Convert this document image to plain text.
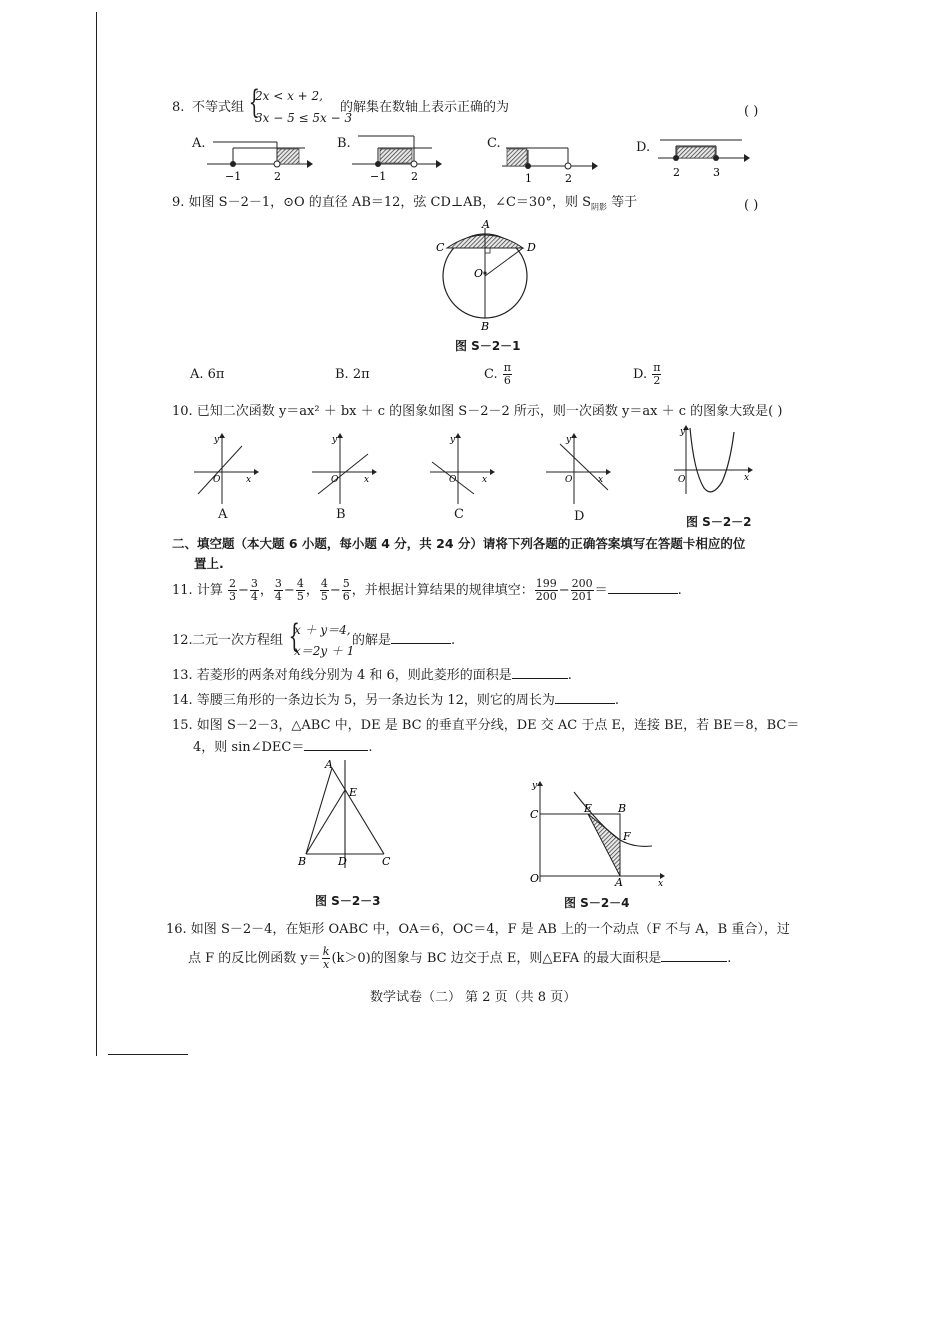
8. 不等式组 {
2x < x + 2,
3x − 5 ≤ 5x − 3
的解集在数轴上表示正确的为	( )
A.
−1	2
B.
−1 2
C.
1	2
D.
2	3
9. 如图 S－2－1，⊙O 的直径 AB＝12，弦 CD⊥AB，∠C＝30°，则 $S_{阴影}$ 等于	( )
A
C	D
O
B
图 S－2－1
A. 6π	B. 2π	C. $\frac{\pi}{6}$	D. $\frac{\pi}{2}$
10. 已知二次函数 y＝ax² ＋ bx ＋ c 的图象如图 S－2－2 所示，则一次函数 y＝ax ＋ c 的图象大致是( )
y
x
O
A
y
x
O
B
y
x
O
C
y
x
O
D
y
x
O
图 S－2－2
二、填空题（本大题 6 小题，每小题 4 分，共 24 分）请将下列各题的正确答案填写在答题卡相应的位
置上.
11. 计算 $\frac{2}{3} - \frac{3}{4}$ ， $\frac{3}{4} - \frac{4}{5}$ ， $\frac{4}{5} - \frac{5}{6}$ ，并根据计算结果的规律填空： $\frac{199}{200} - \frac{200}{201}$ ＝	.
12. 二元一次方程组 {
x ＋ y＝4,
x＝2y ＋ 1
的解是	.
13. 若菱形的两条对角线分别为 4 和 6，则此菱形的面积是	.
14. 等腰三角形的一条边长为 5，另一条边长为 12，则它的周长为	.
15. 如图 S－2－3，△ABC 中，DE 是 BC 的垂直平分线，DE 交 AC 于点 E，连接 BE，若 BE＝8，BC＝
4，则 sin∠DEC＝	.
A
E
B	D	C
图 S－2－3
y
x
O
C	E B
F
A
图 S－2－4
16. 如图 S－2－4，在矩形 OABC 中，OA＝6，OC＝4，F 是 AB 上的一个动点（F 不与 A，B 重合），过
点 F 的反比例函数 $y= \frac{k}{x} (k>0)$的图象与 BC 边交于点 E，则△EFA 的最大面积是	.
数学试卷（二） 第 2 页（共 8 页）
